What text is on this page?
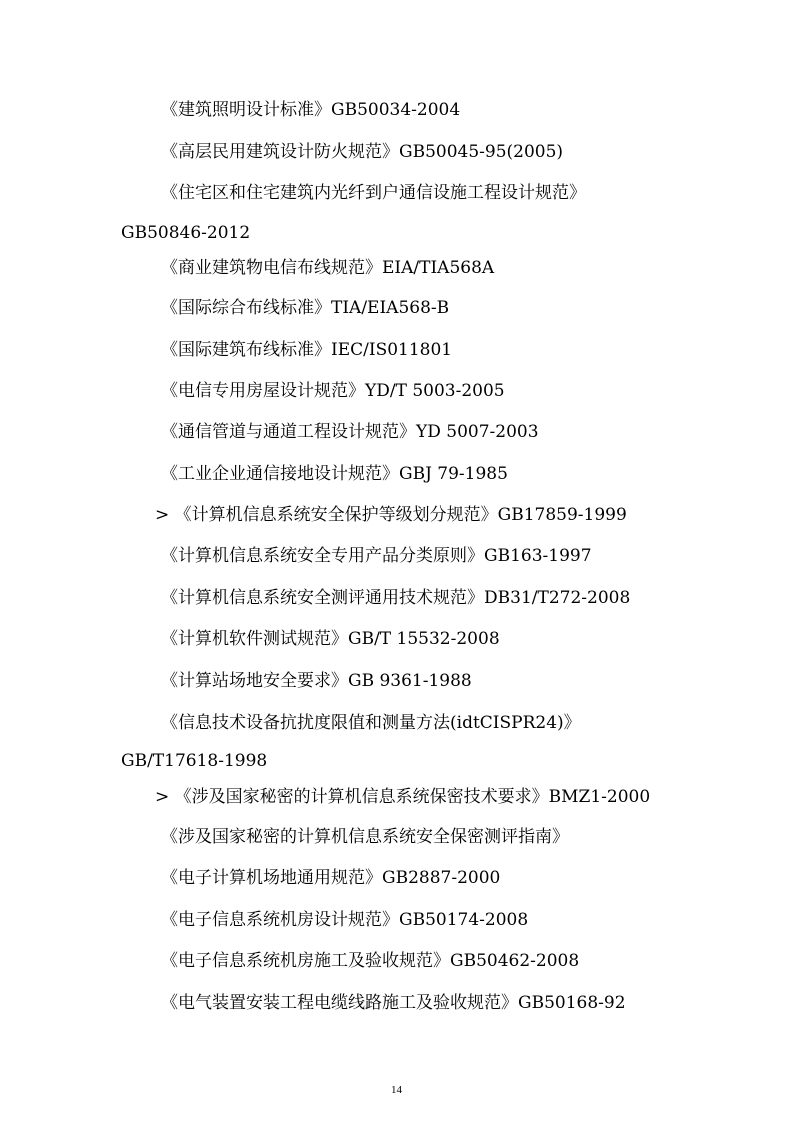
《建筑照明设计标准》GB50034-2004
《高层民用建筑设计防火规范》GB50045-95(2005)
《住宅区和住宅建筑内光纤到户通信设施工程设计规范》
GB50846-2012
《商业建筑物电信布线规范》EIA/TIA568A
《国际综合布线标准》TIA/EIA568-B
《国际建筑布线标准》IEC/IS011801
《电信专用房屋设计规范》YD/T 5003-2005
《通信管道与通道工程设计规范》YD 5007-2003
《工业企业通信接地设计规范》GBJ 79-1985
> 《计算机信息系统安全保护等级划分规范》GB17859-1999
《计算机信息系统安全专用产品分类原则》GB163-1997
《计算机信息系统安全测评通用技术规范》DB31/T272-2008
《计算机软件测试规范》GB/T 15532-2008
《计算站场地安全要求》GB 9361-1988
《信息技术设备抗扰度限值和测量方法(idtCISPR24)》
GB/T17618-1998
> 《涉及国家秘密的计算机信息系统保密技术要求》BMZ1-2000
《涉及国家秘密的计算机信息系统安全保密测评指南》
《电子计算机场地通用规范》GB2887-2000
《电子信息系统机房设计规范》GB50174-2008
《电子信息系统机房施工及验收规范》GB50462-2008
《电气装置安装工程电缆线路施工及验收规范》GB50168-92
14
